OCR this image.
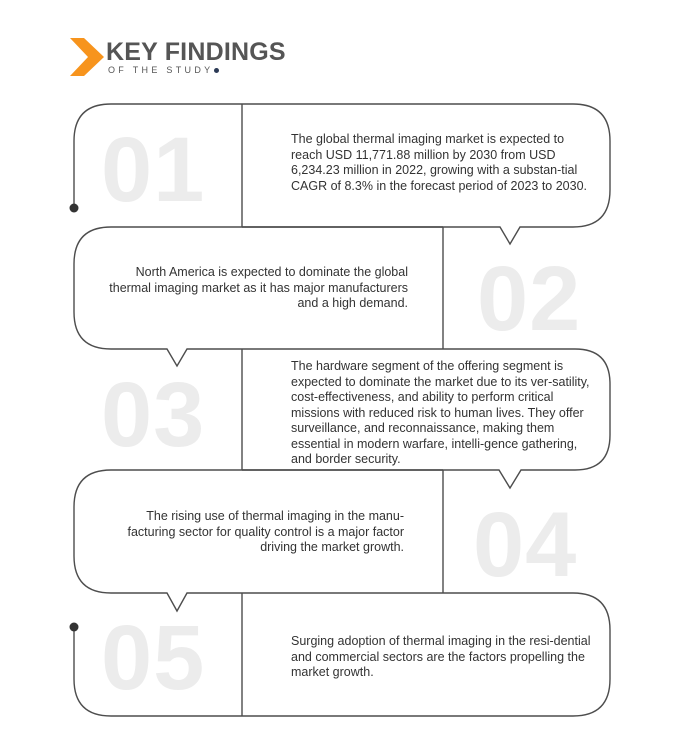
KEY FINDINGS
OF THE STUDY
01
02
03
04
05
The global thermal imaging market is expected to reach USD 11,771.88 million by 2030 from USD 6,234.23 million in 2022, growing with a substan-tial CAGR of 8.3% in the forecast period of 2023 to 2030.
North America is expected to dominate the global thermal imaging market as it has major manufacturers and a high demand.
The hardware segment of the offering segment is expected to dominate the market due to its ver-satility, cost-effectiveness, and ability to perform critical missions with reduced risk to human lives. They offer surveillance, and reconnaissance, making them essential in modern warfare, intelli-gence gathering, and border security.
The rising use of thermal imaging in the manu-facturing sector for quality control is a major factor driving the market growth.
Surging adoption of thermal imaging in the resi-dential and commercial sectors are the factors propelling the market growth.
